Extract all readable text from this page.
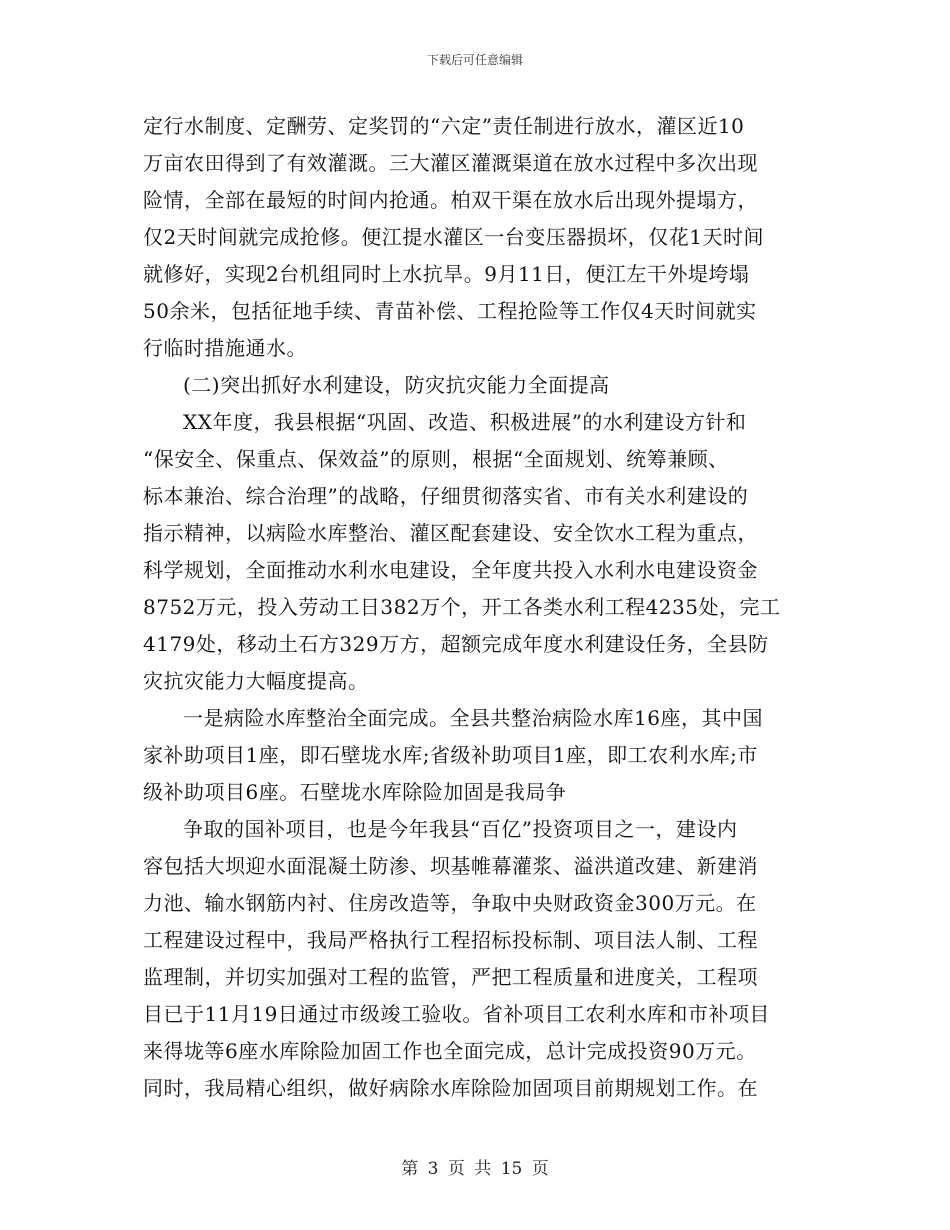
下载后可任意编辑
定行水制度、定酬劳、定奖罚的“六定”责任制进行放水，灌区近10
万亩农田得到了有效灌溉。三大灌区灌溉渠道在放水过程中多次出现
险情，全部在最短的时间内抢通。柏双干渠在放水后出现外提塌方，
仅2天时间就完成抢修。便江提水灌区一台变压器损坏，仅花1天时间
就修好，实现2台机组同时上水抗旱。9月11日，便江左干外堤垮塌
50余米，包括征地手续、青苗补偿、工程抢险等工作仅4天时间就实
行临时措施通水。
(二)突出抓好水利建设，防灾抗灾能力全面提高
XX年度，我县根据“巩固、改造、积极进展”的水利建设方针和
“保安全、保重点、保效益”的原则，根据“全面规划、统筹兼顾、
标本兼治、综合治理”的战略，仔细贯彻落实省、市有关水利建设的
指示精神，以病险水库整治、灌区配套建设、安全饮水工程为重点，
科学规划，全面推动水利水电建设，全年度共投入水利水电建设资金
8752万元，投入劳动工日382万个，开工各类水利工程4235处，完工
4179处，移动土石方329万方，超额完成年度水利建设任务，全县防
灾抗灾能力大幅度提高。
一是病险水库整治全面完成。全县共整治病险水库16座，其中国
家补助项目1座，即石壁垅水库;省级补助项目1座，即工农利水库;市
级补助项目6座。石壁垅水库除险加固是我局争
争取的国补项目，也是今年我县“百亿”投资项目之一，建设内
容包括大坝迎水面混凝土防渗、坝基帷幕灌浆、溢洪道改建、新建消
力池、输水钢筋内衬、住房改造等，争取中央财政资金300万元。在
工程建设过程中，我局严格执行工程招标投标制、项目法人制、工程
监理制，并切实加强对工程的监管，严把工程质量和进度关，工程项
目已于11月19日通过市级竣工验收。省补项目工农利水库和市补项目
来得垅等6座水库除险加固工作也全面完成，总计完成投资90万元。
同时，我局精心组织，做好病除水库除险加固项目前期规划工作。在
第 3 页 共 15 页
